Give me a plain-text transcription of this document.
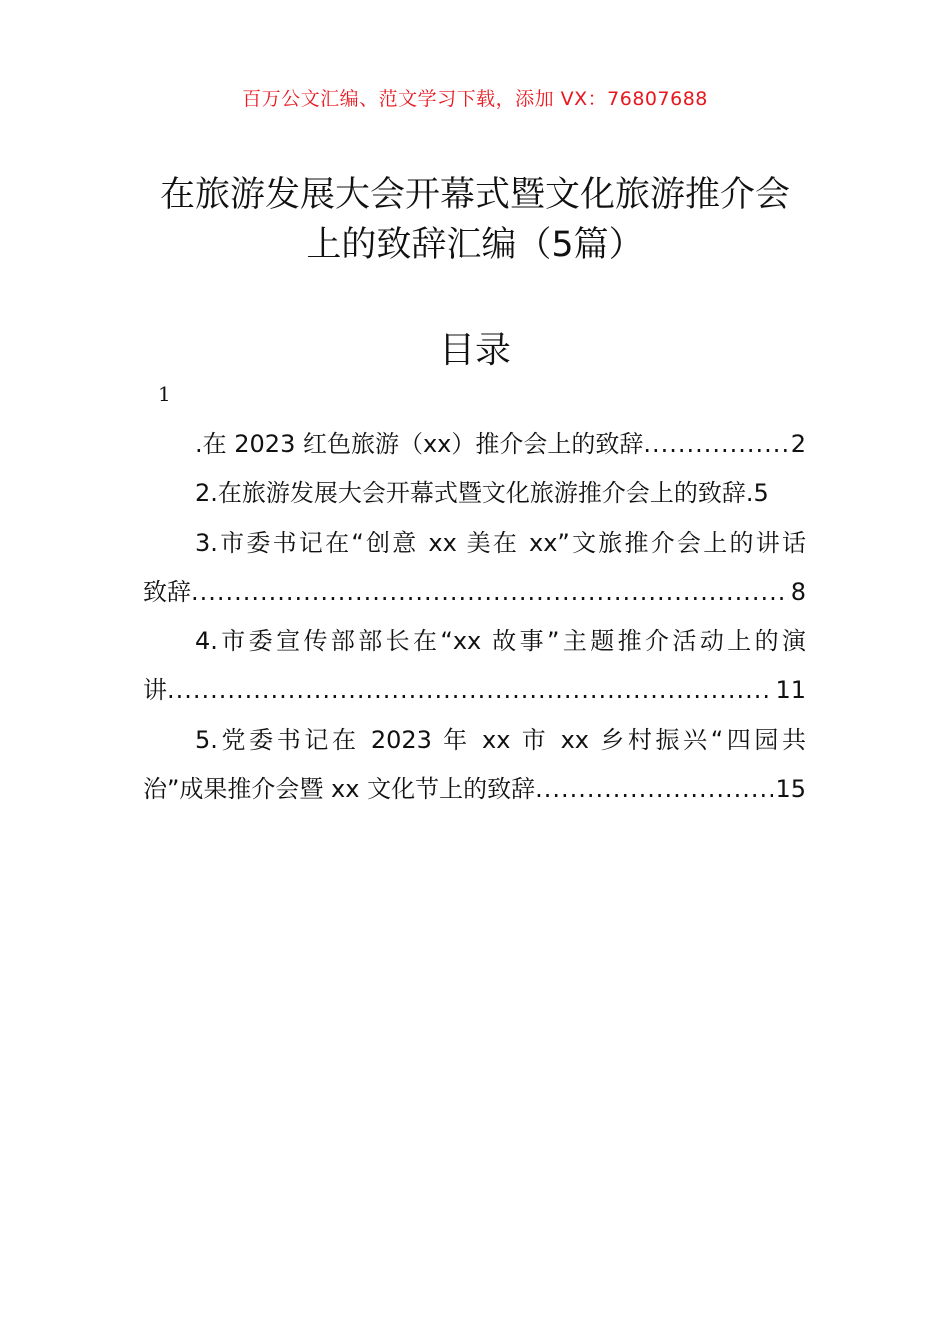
百万公文汇编、范文学习下载，添加 VX：76807688
在旅游发展大会开幕式暨文化旅游推介会
上的致辞汇编（5篇）
目录
1
.在 2023 红色旅游（xx）推介会上的致辞 .....	2
2.在旅游发展大会开幕式暨文化旅游推介会上的致辞. 5
3.市委书记在“创意 xx 美在 xx”文旅推介会上的讲话
致辞 .....	8
4.市委宣传部部长在“xx 故事”主题推介活动上的演
讲 .....	11
5.党委书记在 2023 年 xx 市 xx 乡村振兴“四园共
治”成果推介会暨 xx 文化节上的致辞 .....	15
